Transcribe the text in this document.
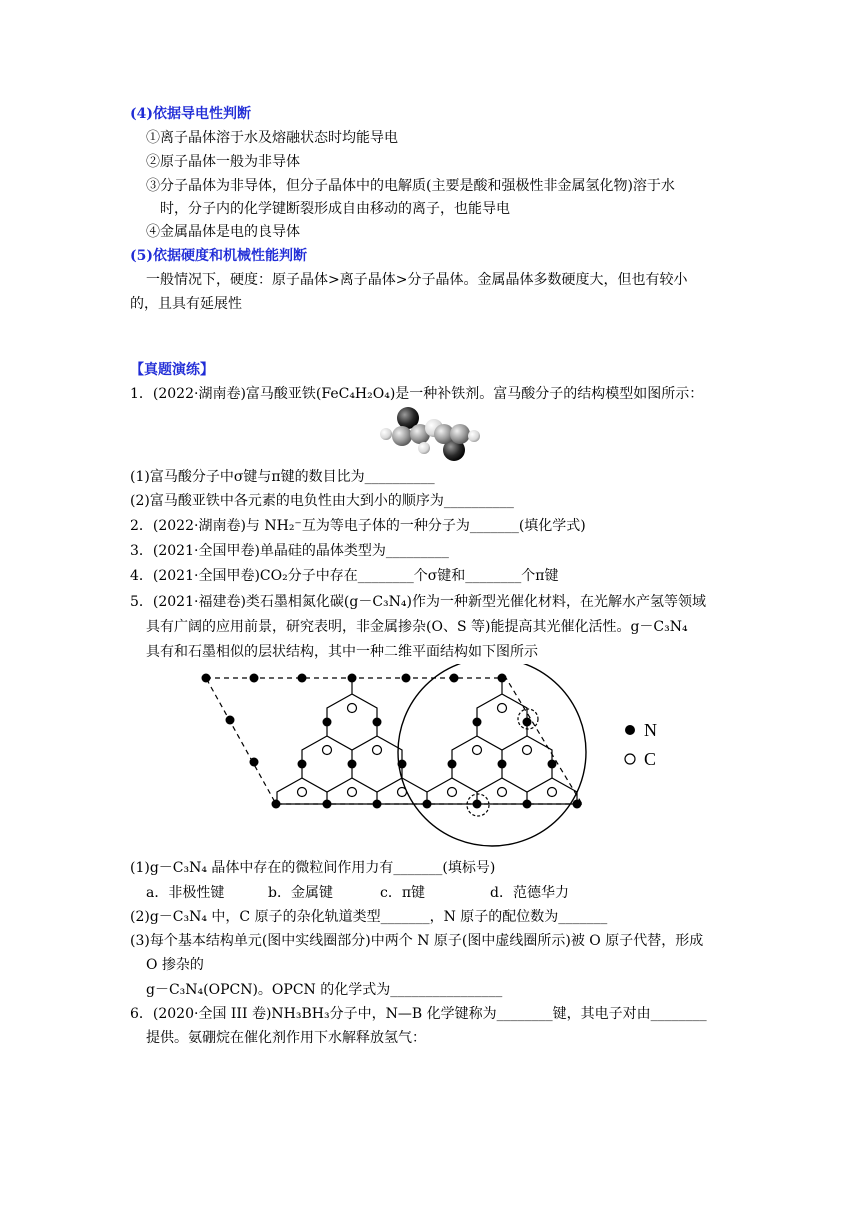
(4)依据导电性判断
①离子晶体溶于水及熔融状态时均能导电
②原子晶体一般为非导体
③分子晶体为非导体，但分子晶体中的电解质(主要是酸和强极性非金属氢化物)溶于水
时，分子内的化学键断裂形成自由移动的离子，也能导电
④金属晶体是电的良导体
(5)依据硬度和机械性能判断
一般情况下，硬度：原子晶体>离子晶体>分子晶体。金属晶体多数硬度大，但也有较小
的，且具有延展性
【真题演练】
1．(2022·湖南卷)富马酸亚铁(FeC₄H₂O₄)是一种补铁剂。富马酸分子的结构模型如图所示：
(1)富马酸分子中σ键与π键的数目比为__________
(2)富马酸亚铁中各元素的电负性由大到小的顺序为__________
2．(2022·湖南卷)与 NH₂⁻互为等电子体的一种分子为_______(填化学式)
3．(2021·全国甲卷)单晶硅的晶体类型为_________
4．(2021·全国甲卷)CO₂分子中存在________个σ键和________个π键
5．(2021·福建卷)类石墨相氮化碳(g－C₃N₄)作为一种新型光催化材料，在光解水产氢等领域
具有广阔的应用前景，研究表明，非金属掺杂(O、S 等)能提高其光催化活性。g－C₃N₄
具有和石墨相似的层状结构，其中一种二维平面结构如下图所示
N
C
(1)g－C₃N₄ 晶体中存在的微粒间作用力有_______(填标号)
a．非极性键	b．金属键	c．π键	d．范德华力
(2)g－C₃N₄ 中，C 原子的杂化轨道类型_______，N 原子的配位数为_______
(3)每个基本结构单元(图中实线圈部分)中两个 N 原子(图中虚线圈所示)被 O 原子代替，形成
O 掺杂的
g－C₃N₄(OPCN)。OPCN 的化学式为________________
6．(2020·全国 III 卷)NH₃BH₃分子中，N—B 化学键称为________键，其电子对由________
提供。氨硼烷在催化剂作用下水解释放氢气：
